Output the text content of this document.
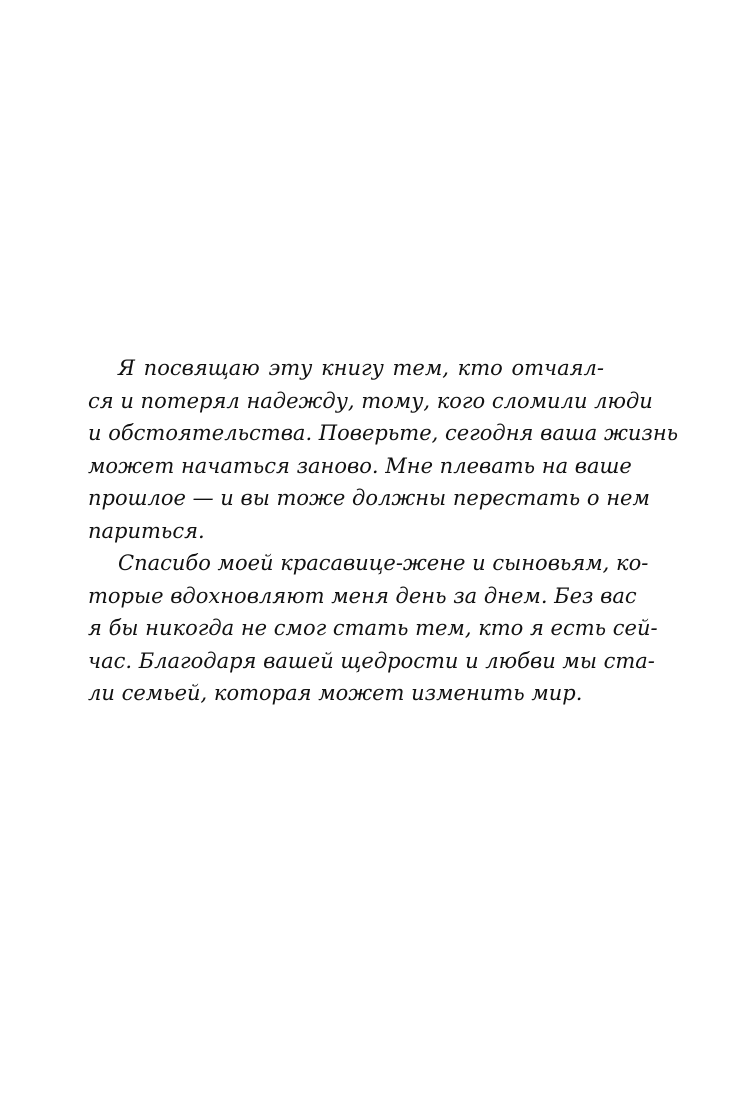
Я посвящаю эту книгу тем, кто отчаял-
ся и потерял надежду, тому, кого сломили люди
и обстоятельства. Поверьте, сегодня ваша жизнь
может начаться заново. Мне плевать на ваше
прошлое — и вы тоже должны перестать о нем
париться.
Спасибо моей красавице-жене и сыновьям, ко-
торые вдохновляют меня день за днем. Без вас
я бы никогда не смог стать тем, кто я есть сей-
час. Благодаря вашей щедрости и любви мы ста-
ли семьей, которая может изменить мир.
